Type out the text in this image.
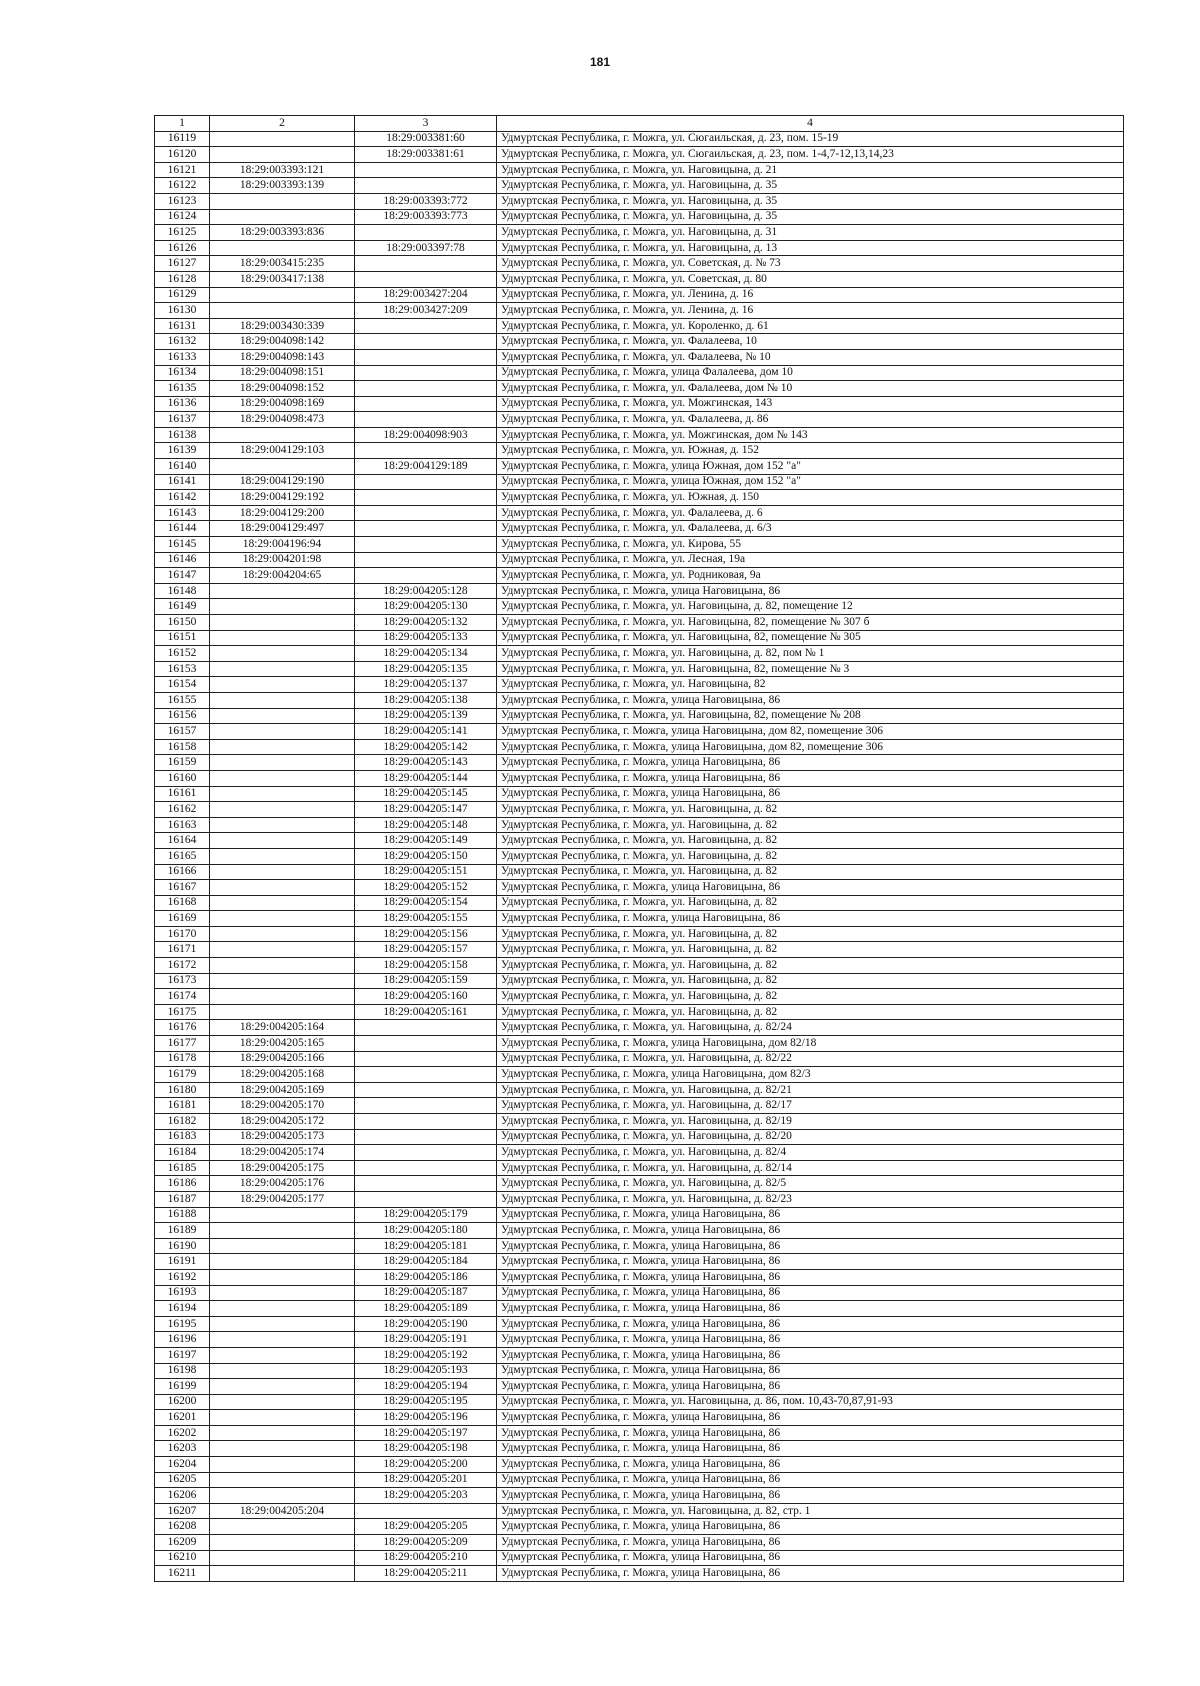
181
1	2	3	4
16119		18:29:003381:60	Удмуртская Республика, г. Можга, ул. Сюгаильская, д. 23, пом. 15-19
16120		18:29:003381:61	Удмуртская Республика, г. Можга, ул. Сюгаильская, д. 23, пом. 1-4,7-12,13,14,23
16121	18:29:003393:121		Удмуртская Республика, г. Можга, ул. Наговицына, д. 21
16122	18:29:003393:139		Удмуртская Республика, г. Можга, ул. Наговицына, д. 35
16123		18:29:003393:772	Удмуртская Республика, г. Можга, ул. Наговицына, д. 35
16124		18:29:003393:773	Удмуртская Республика, г. Можга, ул. Наговицына, д. 35
16125	18:29:003393:836		Удмуртская Республика, г. Можга, ул. Наговицына, д. 31
16126		18:29:003397:78	Удмуртская Республика, г. Можга, ул. Наговицына, д. 13
16127	18:29:003415:235		Удмуртская Республика, г. Можга, ул. Советская, д. № 73
16128	18:29:003417:138		Удмуртская Республика, г. Можга, ул. Советская, д. 80
16129		18:29:003427:204	Удмуртская Республика, г. Можга, ул. Ленина, д. 16
16130		18:29:003427:209	Удмуртская Республика, г. Можга, ул. Ленина, д. 16
16131	18:29:003430:339		Удмуртская Республика, г. Можга, ул. Короленко, д. 61
16132	18:29:004098:142		Удмуртская Республика, г. Можга, ул. Фалалеева, 10
16133	18:29:004098:143		Удмуртская Республика, г. Можга, ул. Фалалеева, № 10
16134	18:29:004098:151		Удмуртская Республика, г. Можга, улица Фалалеева, дом 10
16135	18:29:004098:152		Удмуртская Республика, г. Можга, ул. Фалалеева, дом № 10
16136	18:29:004098:169		Удмуртская Республика, г. Можга, ул. Можгинская, 143
16137	18:29:004098:473		Удмуртская Республика, г. Можга, ул. Фалалеева, д. 86
16138		18:29:004098:903	Удмуртская Республика, г. Можга, ул. Можгинская, дом № 143
16139	18:29:004129:103		Удмуртская Республика, г. Можга, ул. Южная, д. 152
16140		18:29:004129:189	Удмуртская Республика, г. Можга, улица Южная, дом 152 "а"
16141	18:29:004129:190		Удмуртская Республика, г. Можга, улица Южная, дом 152 "а"
16142	18:29:004129:192		Удмуртская Республика, г. Можга, ул. Южная, д. 150
16143	18:29:004129:200		Удмуртская Республика, г. Можга, ул. Фалалеева, д. 6
16144	18:29:004129:497		Удмуртская Республика, г. Можга, ул. Фалалеева, д. 6/3
16145	18:29:004196:94		Удмуртская Республика, г. Можга, ул. Кирова, 55
16146	18:29:004201:98		Удмуртская Республика, г. Можга, ул. Лесная, 19а
16147	18:29:004204:65		Удмуртская Республика, г. Можга, ул. Родниковая, 9а
16148		18:29:004205:128	Удмуртская Республика, г. Можга, улица Наговицына, 86
16149		18:29:004205:130	Удмуртская Республика, г. Можга, ул. Наговицына, д. 82, помещение 12
16150		18:29:004205:132	Удмуртская Республика, г. Можга, ул. Наговицына, 82, помещение № 307 б
16151		18:29:004205:133	Удмуртская Республика, г. Можга, ул. Наговицына, 82, помещение № 305
16152		18:29:004205:134	Удмуртская Республика, г. Можга, ул. Наговицына, д. 82, пом № 1
16153		18:29:004205:135	Удмуртская Республика, г. Можга, ул. Наговицына, 82, помещение № 3
16154		18:29:004205:137	Удмуртская Республика, г. Можга, ул. Наговицына, 82
16155		18:29:004205:138	Удмуртская Республика, г. Можга, улица Наговицына, 86
16156		18:29:004205:139	Удмуртская Республика, г. Можга, ул. Наговицына, 82, помещение № 208
16157		18:29:004205:141	Удмуртская Республика, г. Можга, улица Наговицына, дом 82, помещение 306
16158		18:29:004205:142	Удмуртская Республика, г. Можга, улица Наговицына, дом 82, помещение 306
16159		18:29:004205:143	Удмуртская Республика, г. Можга, улица Наговицына, 86
16160		18:29:004205:144	Удмуртская Республика, г. Можга, улица Наговицына, 86
16161		18:29:004205:145	Удмуртская Республика, г. Можга, улица Наговицына, 86
16162		18:29:004205:147	Удмуртская Республика, г. Можга, ул. Наговицына, д. 82
16163		18:29:004205:148	Удмуртская Республика, г. Можга, ул. Наговицына, д. 82
16164		18:29:004205:149	Удмуртская Республика, г. Можга, ул. Наговицына, д. 82
16165		18:29:004205:150	Удмуртская Республика, г. Можга, ул. Наговицына, д. 82
16166		18:29:004205:151	Удмуртская Республика, г. Можга, ул. Наговицына, д. 82
16167		18:29:004205:152	Удмуртская Республика, г. Можга, улица Наговицына, 86
16168		18:29:004205:154	Удмуртская Республика, г. Можга, ул. Наговицына, д. 82
16169		18:29:004205:155	Удмуртская Республика, г. Можга, улица Наговицына, 86
16170		18:29:004205:156	Удмуртская Республика, г. Можга, ул. Наговицына, д. 82
16171		18:29:004205:157	Удмуртская Республика, г. Можга, ул. Наговицына, д. 82
16172		18:29:004205:158	Удмуртская Республика, г. Можга, ул. Наговицына, д. 82
16173		18:29:004205:159	Удмуртская Республика, г. Можга, ул. Наговицына, д. 82
16174		18:29:004205:160	Удмуртская Республика, г. Можга, ул. Наговицына, д. 82
16175		18:29:004205:161	Удмуртская Республика, г. Можга, ул. Наговицына, д. 82
16176	18:29:004205:164		Удмуртская Республика, г. Можга, ул. Наговицына, д. 82/24
16177	18:29:004205:165		Удмуртская Республика, г. Можга, улица Наговицына, дом 82/18
16178	18:29:004205:166		Удмуртская Республика, г. Можга, ул. Наговицына, д. 82/22
16179	18:29:004205:168		Удмуртская Республика, г. Можга, улица Наговицына, дом 82/3
16180	18:29:004205:169		Удмуртская Республика, г. Можга, ул. Наговицына, д. 82/21
16181	18:29:004205:170		Удмуртская Республика, г. Можга, ул. Наговицына, д. 82/17
16182	18:29:004205:172		Удмуртская Республика, г. Можга, ул. Наговицына, д. 82/19
16183	18:29:004205:173		Удмуртская Республика, г. Можга, ул. Наговицына, д. 82/20
16184	18:29:004205:174		Удмуртская Республика, г. Можга, ул. Наговицына, д. 82/4
16185	18:29:004205:175		Удмуртская Республика, г. Можга, ул. Наговицына, д. 82/14
16186	18:29:004205:176		Удмуртская Республика, г. Можга, ул. Наговицына, д. 82/5
16187	18:29:004205:177		Удмуртская Республика, г. Можга, ул. Наговицына, д. 82/23
16188		18:29:004205:179	Удмуртская Республика, г. Можга, улица Наговицына, 86
16189		18:29:004205:180	Удмуртская Республика, г. Можга, улица Наговицына, 86
16190		18:29:004205:181	Удмуртская Республика, г. Можга, улица Наговицына, 86
16191		18:29:004205:184	Удмуртская Республика, г. Можга, улица Наговицына, 86
16192		18:29:004205:186	Удмуртская Республика, г. Можга, улица Наговицына, 86
16193		18:29:004205:187	Удмуртская Республика, г. Можга, улица Наговицына, 86
16194		18:29:004205:189	Удмуртская Республика, г. Можга, улица Наговицына, 86
16195		18:29:004205:190	Удмуртская Республика, г. Можга, улица Наговицына, 86
16196		18:29:004205:191	Удмуртская Республика, г. Можга, улица Наговицына, 86
16197		18:29:004205:192	Удмуртская Республика, г. Можга, улица Наговицына, 86
16198		18:29:004205:193	Удмуртская Республика, г. Можга, улица Наговицына, 86
16199		18:29:004205:194	Удмуртская Республика, г. Можга, улица Наговицына, 86
16200		18:29:004205:195	Удмуртская Республика, г. Можга, ул. Наговицына, д. 86, пом. 10,43-70,87,91-93
16201		18:29:004205:196	Удмуртская Республика, г. Можга, улица Наговицына, 86
16202		18:29:004205:197	Удмуртская Республика, г. Можга, улица Наговицына, 86
16203		18:29:004205:198	Удмуртская Республика, г. Можга, улица Наговицына, 86
16204		18:29:004205:200	Удмуртская Республика, г. Можга, улица Наговицына, 86
16205		18:29:004205:201	Удмуртская Республика, г. Можга, улица Наговицына, 86
16206		18:29:004205:203	Удмуртская Республика, г. Можга, улица Наговицына, 86
16207	18:29:004205:204		Удмуртская Республика, г. Можга, ул. Наговицына, д. 82, стр. 1
16208		18:29:004205:205	Удмуртская Республика, г. Можга, улица Наговицына, 86
16209		18:29:004205:209	Удмуртская Республика, г. Можга, улица Наговицына, 86
16210		18:29:004205:210	Удмуртская Республика, г. Можга, улица Наговицына, 86
16211		18:29:004205:211	Удмуртская Республика, г. Можга, улица Наговицына, 86
